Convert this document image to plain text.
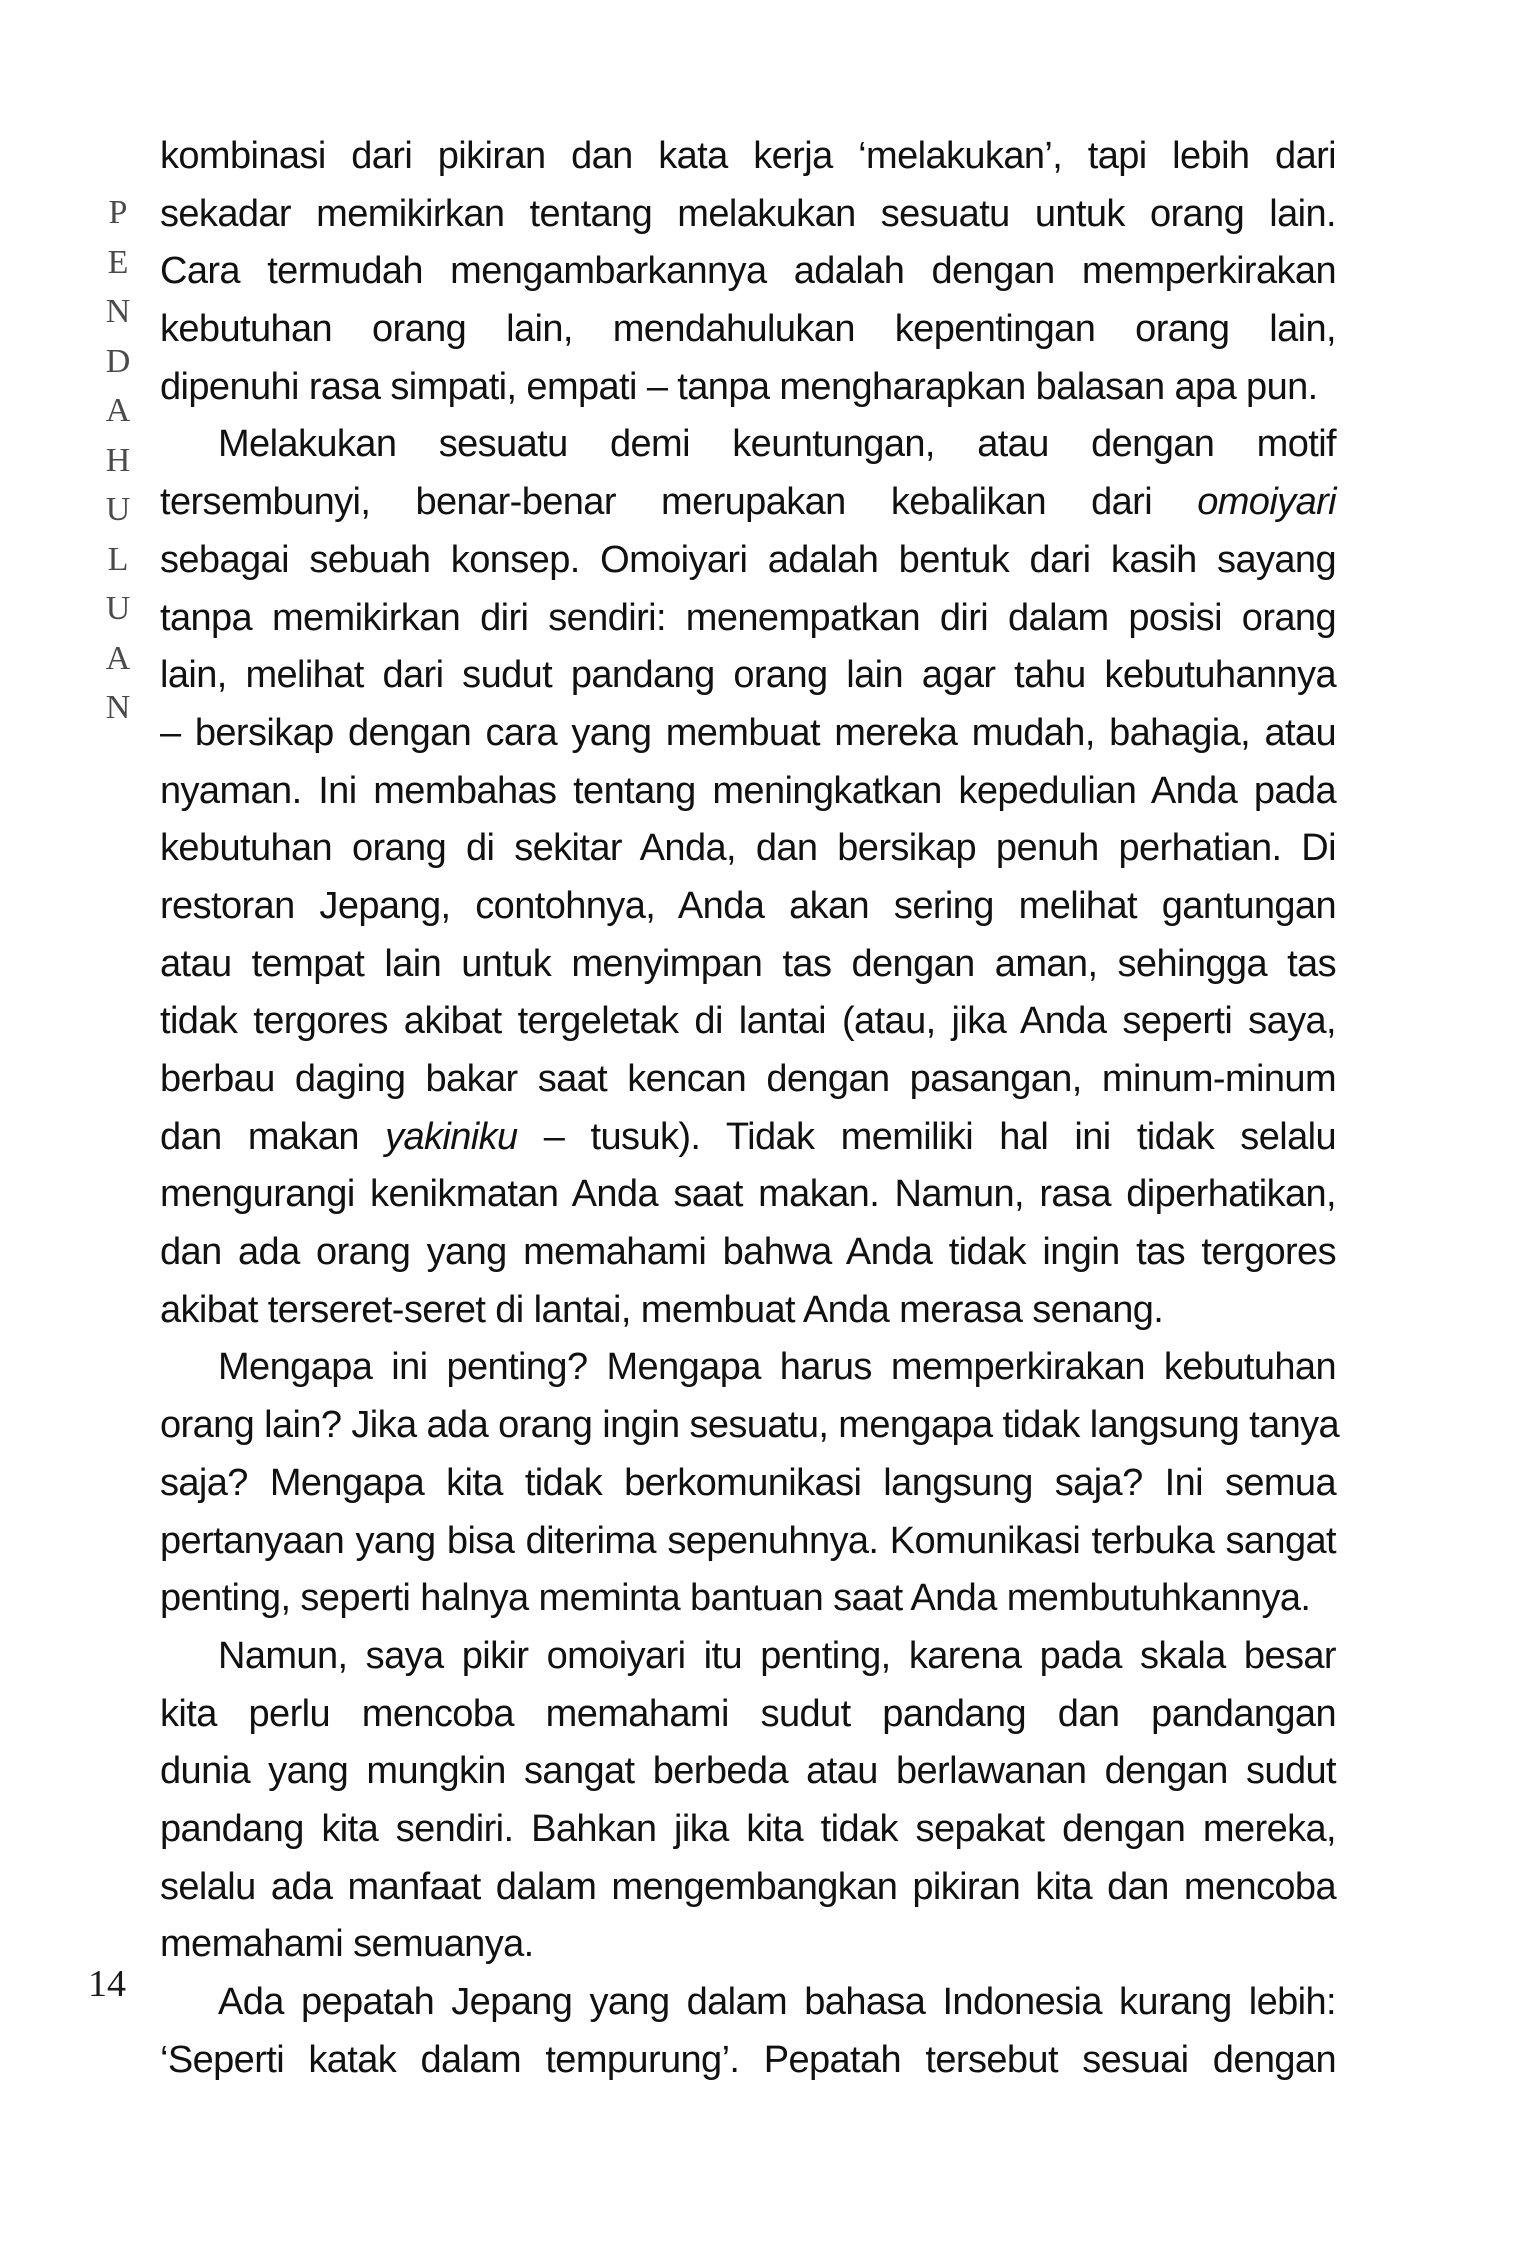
P
E
N
D
A
H
U
L
U
A
N
14
kombinasi dari pikiran dan kata kerja ‘melakukan’, tapi lebih dari
sekadar memikirkan tentang melakukan sesuatu untuk orang lain.
Cara termudah mengambarkannya adalah dengan memperkirakan
kebutuhan orang lain, mendahulukan kepentingan orang lain,
dipenuhi rasa simpati, empati – tanpa mengharapkan balasan apa pun.
Melakukan sesuatu demi keuntungan, atau dengan motif
tersembunyi, benar-benar merupakan kebalikan dari omoiyari
sebagai sebuah konsep. Omoiyari adalah bentuk dari kasih sayang
tanpa memikirkan diri sendiri: menempatkan diri dalam posisi orang
lain, melihat dari sudut pandang orang lain agar tahu kebutuhannya
– bersikap dengan cara yang membuat mereka mudah, bahagia, atau
nyaman. Ini membahas tentang meningkatkan kepedulian Anda pada
kebutuhan orang di sekitar Anda, dan bersikap penuh perhatian. Di
restoran Jepang, contohnya, Anda akan sering melihat gantungan
atau tempat lain untuk menyimpan tas dengan aman, sehingga tas
tidak tergores akibat tergeletak di lantai (atau, jika Anda seperti saya,
berbau daging bakar saat kencan dengan pasangan, minum-minum
dan makan yakiniku – tusuk). Tidak memiliki hal ini tidak selalu
mengurangi kenikmatan Anda saat makan. Namun, rasa diperhatikan,
dan ada orang yang memahami bahwa Anda tidak ingin tas tergores
akibat terseret-seret di lantai, membuat Anda merasa senang.
Mengapa ini penting? Mengapa harus memperkirakan kebutuhan
orang lain? Jika ada orang ingin sesuatu, mengapa tidak langsung tanya
saja? Mengapa kita tidak berkomunikasi langsung saja? Ini semua
pertanyaan yang bisa diterima sepenuhnya. Komunikasi terbuka sangat
penting, seperti halnya meminta bantuan saat Anda membutuhkannya.
Namun, saya pikir omoiyari itu penting, karena pada skala besar
kita perlu mencoba memahami sudut pandang dan pandangan
dunia yang mungkin sangat berbeda atau berlawanan dengan sudut
pandang kita sendiri. Bahkan jika kita tidak sepakat dengan mereka,
selalu ada manfaat dalam mengembangkan pikiran kita dan mencoba
memahami semuanya.
Ada pepatah Jepang yang dalam bahasa Indonesia kurang lebih:
‘Seperti katak dalam tempurung’. Pepatah tersebut sesuai dengan
